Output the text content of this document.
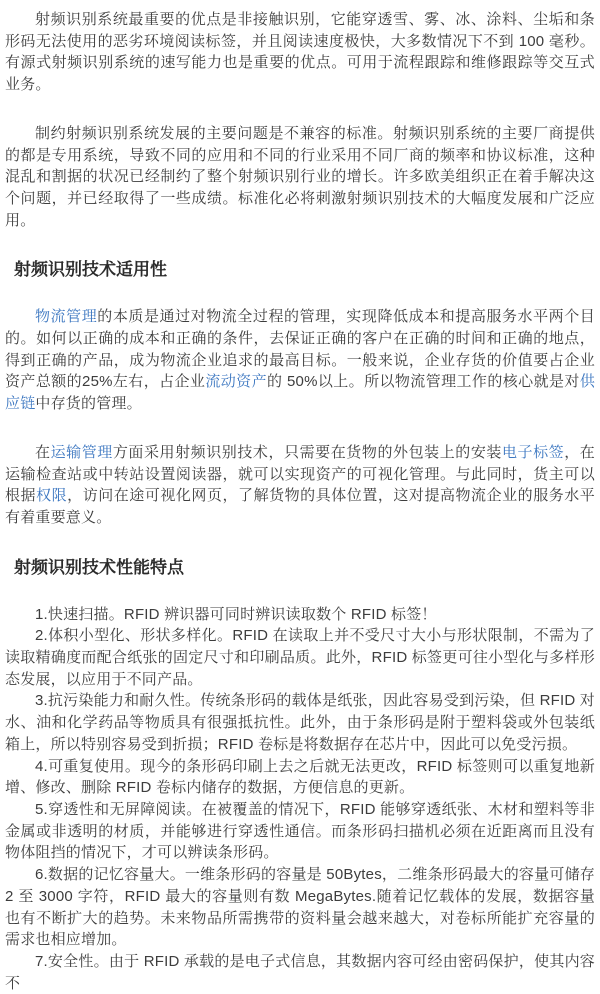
射频识别系统最重要的优点是非接触识别，它能穿透雪、雾、冰、涂料、尘垢和条形码无法使用的恶劣环境阅读标签，并且阅读速度极快，大多数情况下不到 100 毫秒。有源式射频识别系统的速写能力也是重要的优点。可用于流程跟踪和维修跟踪等交互式业务。

制约射频识别系统发展的主要问题是不兼容的标准。射频识别系统的主要厂商提供的都是专用系统，导致不同的应用和不同的行业采用不同厂商的频率和协议标准，这种混乱和割据的状况已经制约了整个射频识别行业的增长。许多欧美组织正在着手解决这个问题，并已经取得了一些成绩。标准化必将刺激射频识别技术的大幅度发展和广泛应用。

射频识别技术适用性

物流管理的本质是通过对物流全过程的管理，实现降低成本和提高服务水平两个目的。如何以正确的成本和正确的条件，去保证正确的客户在正确的时间和正确的地点，得到正确的产品，成为物流企业追求的最高目标。一般来说，企业存货的价值要占企业资产总额的25%左右，占企业流动资产的 50%以上。所以物流管理工作的核心就是对供应链中存货的管理。

在运输管理方面采用射频识别技术，只需要在货物的外包装上的安装电子标签，在运输检查站或中转站设置阅读器，就可以实现资产的可视化管理。与此同时，货主可以根据权限，访问在途可视化网页，了解货物的具体位置，这对提高物流企业的服务水平有着重要意义。

射频识别技术性能特点

1.快速扫描。RFID 辨识器可同时辨识读取数个 RFID 标签！

2.体积小型化、形状多样化。RFID 在读取上并不受尺寸大小与形状限制，不需为了读取精确度而配合纸张的固定尺寸和印刷品质。此外，RFID 标签更可往小型化与多样形态发展，以应用于不同产品。

3.抗污染能力和耐久性。传统条形码的载体是纸张，因此容易受到污染，但 RFID 对水、油和化学药品等物质具有很强抵抗性。此外，由于条形码是附于塑料袋或外包装纸箱上，所以特别容易受到折损；RFID 卷标是将数据存在芯片中，因此可以免受污损。

4.可重复使用。现今的条形码印刷上去之后就无法更改，RFID 标签则可以重复地新增、修改、删除 RFID 卷标内储存的数据，方便信息的更新。

5.穿透性和无屏障阅读。在被覆盖的情况下，RFID 能够穿透纸张、木材和塑料等非金属或非透明的材质，并能够进行穿透性通信。而条形码扫描机必须在近距离而且没有物体阻挡的情况下，才可以辨读条形码。

6.数据的记忆容量大。一维条形码的容量是 50Bytes，二维条形码最大的容量可储存 2 至 3000 字符，RFID 最大的容量则有数 MegaBytes.随着记忆载体的发展，数据容量也有不断扩大的趋势。未来物品所需携带的资料量会越来越大，对卷标所能扩充容量的需求也相应增加。

7.安全性。由于 RFID 承载的是电子式信息，其数据内容可经由密码保护，使其内容不
